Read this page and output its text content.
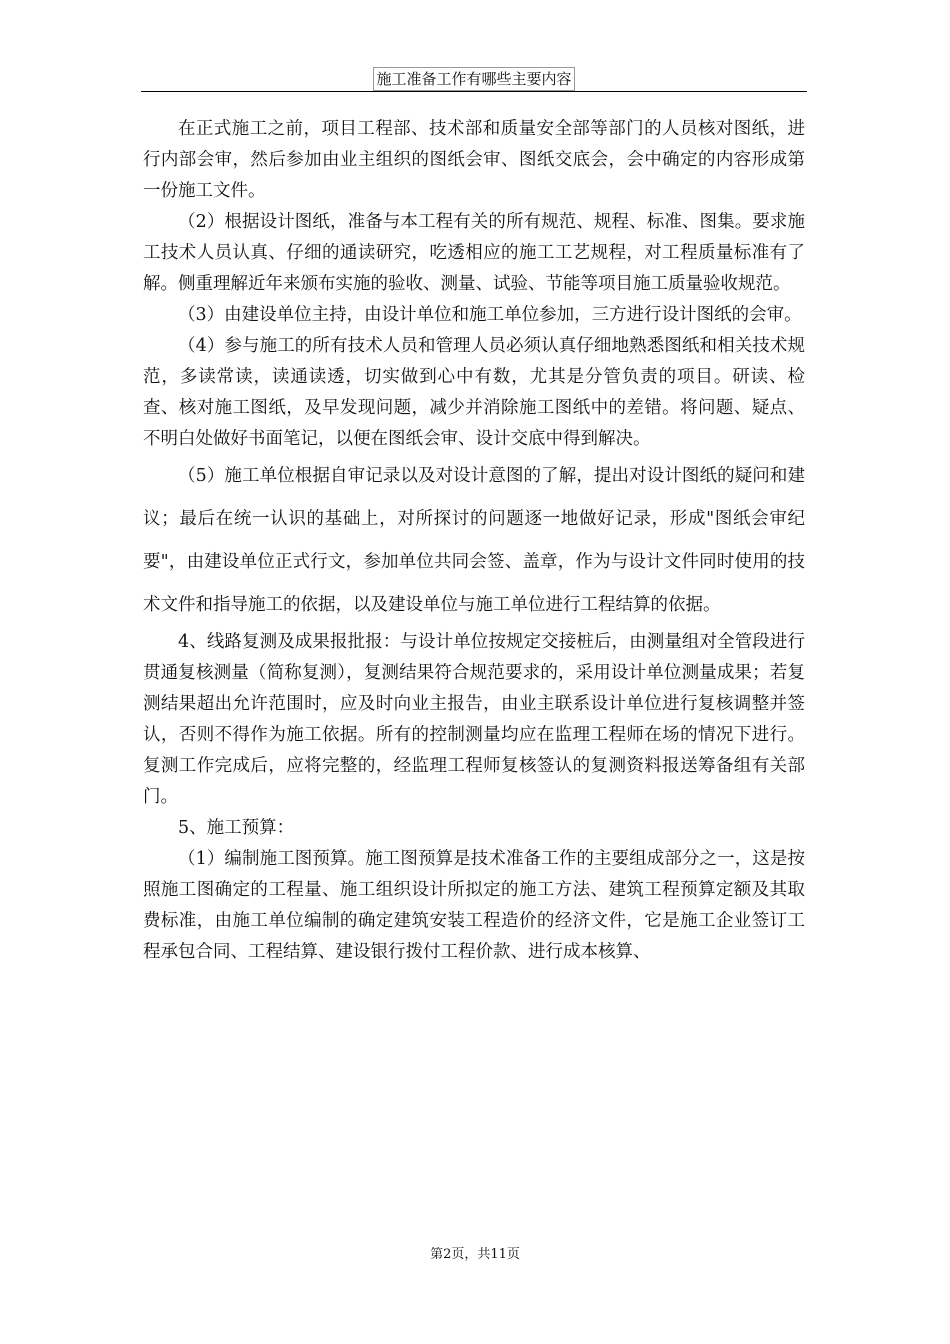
施工准备工作有哪些主要内容

在正式施工之前，项目工程部、技术部和质量安全部等部门的人员核对图纸，进行内部会审，然后参加由业主组织的图纸会审、图纸交底会，会中确定的内容形成第一份施工文件。

（2）根据设计图纸，准备与本工程有关的所有规范、规程、标准、图集。要求施工技术人员认真、仔细的通读研究，吃透相应的施工工艺规程，对工程质量标准有了解。侧重理解近年来颁布实施的验收、测量、试验、节能等项目施工质量验收规范。

（3）由建设单位主持，由设计单位和施工单位参加，三方进行设计图纸的会审。

（4）参与施工的所有技术人员和管理人员必须认真仔细地熟悉图纸和相关技术规范，多读常读，读通读透，切实做到心中有数，尤其是分管负责的项目。研读、检查、核对施工图纸，及早发现问题，减少并消除施工图纸中的差错。将问题、疑点、不明白处做好书面笔记，以便在图纸会审、设计交底中得到解决。

（5）施工单位根据自审记录以及对设计意图的了解，提出对设计图纸的疑问和建议；最后在统一认识的基础上，对所探讨的问题逐一地做好记录，形成"图纸会审纪要"，由建设单位正式行文，参加单位共同会签、盖章，作为与设计文件同时使用的技术文件和指导施工的依据，以及建设单位与施工单位进行工程结算的依据。

4、线路复测及成果报批报：与设计单位按规定交接桩后，由测量组对全管段进行贯通复核测量（简称复测），复测结果符合规范要求的，采用设计单位测量成果；若复测结果超出允许范围时，应及时向业主报告，由业主联系设计单位进行复核调整并签认，否则不得作为施工依据。所有的控制测量均应在监理工程师在场的情况下进行。复测工作完成后，应将完整的，经监理工程师复核签认的复测资料报送筹备组有关部门。

5、施工预算：

（1）编制施工图预算。施工图预算是技术准备工作的主要组成部分之一，这是按照施工图确定的工程量、施工组织设计所拟定的施工方法、建筑工程预算定额及其取费标准，由施工单位编制的确定建筑安装工程造价的经济文件，它是施工企业签订工程承包合同、工程结算、建设银行拨付工程价款、进行成本核算、

第2页，共11页
